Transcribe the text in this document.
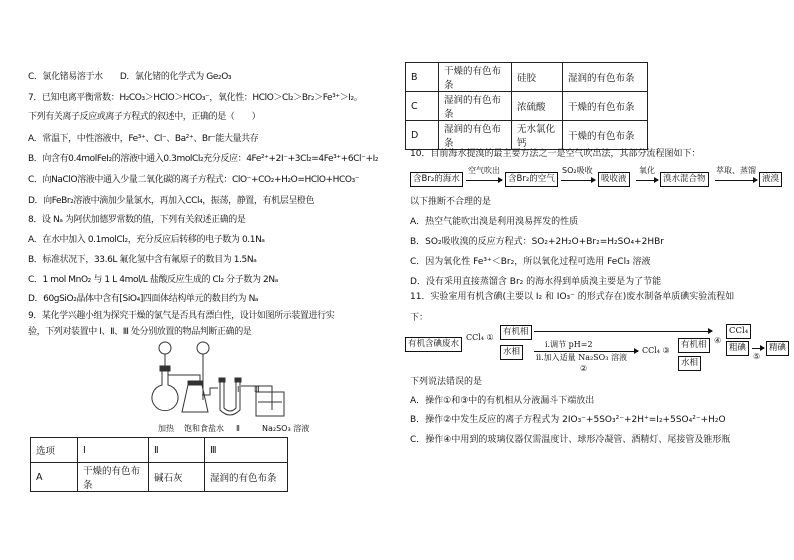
C．氯化锗易溶于水　　D．氯化锗的化学式为 Ge₂O₃
7．已知电离平衡常数：H₂CO₃＞HClO＞HCO₃⁻，氧化性：HClO＞Cl₂＞Br₂＞Fe³⁺＞I₂。
下列有关离子反应或离子方程式的叙述中，正确的是（　　）
A．常温下，中性溶液中，Fe³⁺、Cl⁻、Ba²⁺、Br⁻能大量共存
B．向含有0.4molFeI₂的溶液中通入0.3molCl₂充分反应：4Fe²⁺+2I⁻+3Cl₂=4Fe³⁺+6Cl⁻+I₂
C．向NaClO溶液中通入少量二氧化碳的离子方程式：ClO⁻+CO₂+H₂O=HClO+HCO₃⁻
D．向FeBr₂溶液中滴加少量氯水，再加入CCl₄，振荡，静置，有机层呈橙色
8．设 Nₐ 为阿伏加德罗常数的值，下列有关叙述正确的是
A．在水中加入 0.1molCl₂，充分反应后转移的电子数为 0.1Nₐ
B．标准状况下，33.6L 氟化氢中含有氟原子的数目为 1.5Nₐ
C．1 mol MnO₂ 与 1 L 4mol/L 盐酸反应生成的 Cl₂ 分子数为 2Nₐ
D．60gSiO₂晶体中含有[SiO₄]四面体结构单元的数目约为 Nₐ
9．某化学兴趣小组为探究干燥的氯气是否具有漂白性，设计如图所示装置进行实
验，下列对装置中 Ⅰ、Ⅱ、Ⅲ 处分别放置的物品判断正确的是
加热 饱和食盐水
Ⅰ
Ⅱ
Ⅲ
Na₂SO₃ 溶液
选项	Ⅰ	Ⅱ	Ⅲ
A	干燥的有色布条	碱石灰	湿润的有色布条
B	干燥的有色布条	硅胶	湿润的有色布条
C	湿润的有色布条	浓硫酸	干燥的有色布条
D	湿润的有色布条	无水氯化钙	干燥的有色布条
10．目前海水提溴的最主要方法之一是空气吹出法，其部分流程图如下：
含Br₂的海水
空气吹出
含Br₂的空气
SO₂吸收
吸收液
氧化
溴水混合物
萃取、蒸馏
液溴
以下推断不合理的是
A．热空气能吹出溴是利用溴易挥发的性质
B．SO₂吸收溴的反应方程式：SO₂+2H₂O+Br₂=H₂SO₄+2HBr
C．因为氧化性 Fe³⁺＜Br₂，所以氧化过程可选用 FeCl₃ 溶液
D．没有采用直接蒸馏含 Br₂ 的海水得到单质溴主要是为了节能
11．实验室用有机含碘(主要以 I₂ 和 IO₃⁻ 的形式存在)废水制备单质碘实验流程如
下：
有机含碘废水
CCl₄ ①
有机相
水相
ⅰ.调节 pH=2
ⅱ.加入适量 Na₂SO₃ 溶液
②
CCl₄ ③
有机相
水相
④
CCl₄
粗碘
⑤
精碘
下列说法错误的是
A．操作①和③中的有机相从分液漏斗下端放出
B．操作②中发生反应的离子方程式为 2IO₃⁻+5SO₃²⁻+2H⁺=I₂+5SO₄²⁻+H₂O
C．操作④中用到的玻璃仪器仅需温度计、球形冷凝管、酒精灯、尾接管及锥形瓶
